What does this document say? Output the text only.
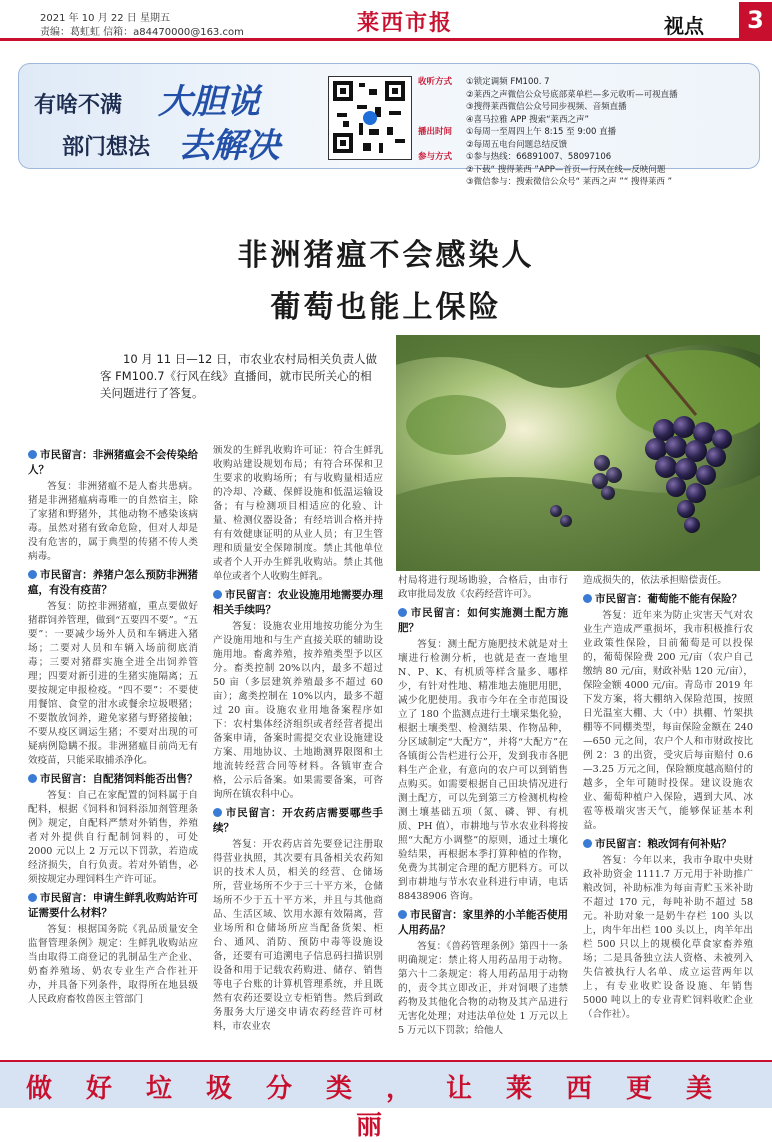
2021 年 10 月 22 日 星期五
责编：葛虹虹 信箱：a84470000@163.com	莱西市报	视点	3
有啥不满 大胆说
部门想法 去解决
收听方式 ①锁定调频 FM100. 7
②莱西之声微信公众号底部菜单栏—多元收听—可视直播
③搜得莱西微信公众号同步视频、音频直播
④喜马拉雅 APP 搜索“莱西之声”
播出时间 ①每周一至周四上午 8:15 至 9:00 直播
②每周五电台问题总结反馈
参与方式 ①参与热线：66891007、58097106
②下载“ 搜得莱西 ”APP—首页—行风在线—反映问题
③微信参与：搜索微信公众号“ 莱西之声 ”“ 搜得莱西 ”
非洲猪瘟不会感染人
葡萄也能上保险
10 月 11 日—12 日，市农业农村局相关负责人做客 FM100.7《行风在线》直播间，就市民所关心的相关问题进行了答复。
市民留言：非洲猪瘟会不会传染给人？

答复：非洲猪瘟不是人畜共患病。猪是非洲猪瘟病毒唯一的自然宿主，除了家猪和野猪外，其他动物不感染该病毒。虽然对猪有致命危险，但对人却是没有危害的，属于典型的传猪不传人类病毒。

市民留言：养猪户怎么预防非洲猪瘟，有没有疫苗？

答复：防控非洲猪瘟，重点要做好猪群饲养管理，做到“五要四不要”。“五要”：一要减少场外人员和车辆进入猪场；二要对人员和车辆入场前彻底消毒；三要对猪群实施全进全出饲养管理；四要对新引进的生猪实施隔离；五要按规定申报检疫。“四不要”：不要使用餐馆、食堂的泔水或餐余垃圾喂猪；不要散放饲养，避免家猪与野猪接触；不要从疫区调运生猪；不要对出现的可疑病例隐瞒不报。非洲猪瘟目前尚无有效疫苗，只能采取捕杀净化。

市民留言：自配猪饲料能否出售？

答复：自己在家配置的饲料属于自配料，根据《饲料和饲料添加剂管理条例》规定，自配料严禁对外销售，养殖者对外提供自行配制饲料的，可处 2000 元以上 2 万元以下罚款，若造成经济损失，自行负责。若对外销售，必须按规定办理饲料生产许可证。

市民留言：申请生鲜乳收购站许可证需要什么材料？

答复：根据国务院《乳品质量安全监督管理条例》规定：生鲜乳收购站应当由取得工商登记的乳制品生产企业、奶畜养殖场、奶农专业生产合作社开办，并具备下列条件，取得所在地县级人民政府畜牧兽医主管部门

颁发的生鲜乳收购许可证：符合生鲜乳收购站建设规划布局；有符合环保和卫生要求的收购场所；有与收购量相适应的冷却、冷藏、保鲜设施和低温运输设备；有与检测项目相适应的化验、计量、检测仪器设备；有经培训合格并持有有效健康证明的从业人员；有卫生管理和质量安全保障制度。禁止其他单位或者个人开办生鲜乳收购站。禁止其他单位或者个人收购生鲜乳。

市民留言：农业设施用地需要办理相关手续吗？

答复：设施农业用地按功能分为生产设施用地和与生产直接关联的辅助设施用地。畜禽养殖，按养殖类型予以区分。畜类控制 20%以内，最多不超过 50 亩（多层建筑养殖最多不超过 60 亩）；禽类控制在 10%以内，最多不超过 20 亩。设施农业用地备案程序如下：农村集体经济组织或者经营者提出备案申请，备案时需提交农业设施建设方案、用地协议、土地勘测界限图和土地流转经营合同等材料。各镇审查合格，公示后备案。如果需要备案，可咨询所在镇农科中心。

市民留言：开农药店需要哪些手续？

答复：开农药店首先要登记注册取得营业执照，其次要有具备相关农药知识的技术人员，相关的经营、仓储场所，营业场所不少于三十平方米，仓储场所不少于五十平方米，并且与其他商品、生活区域、饮用水源有效隔离，营业场所和仓储场所应当配备货架、柜台、通风、消防、预防中毒等设施设备，还要有可追溯电子信息码扫描识别设备和用于记载农药购进、储存、销售等电子台账的计算机管理系统，并且既然有农药还要设立专柜销售。然后到政务服务大厅递交申请农药经营许可材料，市农业农

村局将进行现场勘验，合格后，由市行政审批局发放《农药经营许可》。

市民留言：如何实施测土配方施肥？

答复：测土配方施肥技术就是对土壤进行检测分析，也就是查一查地里 N、P、K、有机质等样含量多、哪样少，有针对性地、精准地去施肥用肥，减少化肥使用。我市今年在全市范围设立了 180 个监测点进行土壤采集化验，根据土壤类型、检测结果、作物品种，分区域制定“大配方”，并将“大配方”在各镇街公告栏进行公开，发到我市各肥料生产企业，有意向的农户可以到销售点购买。如需要根据自己田块情况进行测土配方，可以先到第三方检测机构检测土壤基础五项（氮、磷、钾、有机质、PH 值），市耕地与节水农业科将按照“大配方小调整”的原则，通过土壤化验结果，再根据本季打算种植的作物，免费为其制定合理的配方肥料方。可以到市耕地与节水农业科进行申请，电话 88438906 咨询。

市民留言：家里养的小羊能否使用人用药品？

答复：《兽药管理条例》第四十一条明确规定：禁止将人用药品用于动物。第六十二条规定：将人用药品用于动物的，责令其立即改正，并对饲喂了违禁药物及其他化合物的动物及其产品进行无害化处理；对违法单位处 1 万元以上 5 万元以下罚款；给他人

造成损失的，依法承担赔偿责任。

市民留言：葡萄能不能有保险？

答复：近年来为防止灾害天气对农业生产造成严重损坏，我市积极推行农业政策性保险，目前葡萄是可以投保的，葡萄保险费 200 元/亩（农户自己缴纳 80 元/亩，财政补贴 120 元/亩），保险金额 4000 元/亩。青岛市 2019 年下发方案，将大棚纳入保险范围，按照日光温室大棚、大（中）拱棚、竹架拱棚等不同棚类型，每亩保险金额在 240—650 元之间，农户个人和市财政按比例 2：3 的出资，受灾后每亩赔付 0.6—3.25 万元之间，保险额度越高赔付的越多，全年可随时投保。建议设施农业、葡萄种植户入保险，遇到大风、冰雹等极端灾害天气，能够保证基本利益。

市民留言：粮改饲有何补贴？

答复：今年以来，我市争取中央财政补助资金 1111.7 万元用于补助推广粮改饲，补助标准为每亩青贮玉米补助不超过 170 元，每吨补助不超过 58 元。补助对象一是奶牛存栏 100 头以上，肉牛年出栏 100 头以上，肉羊年出栏 500 只以上的规模化草食家畜养殖场；二是具备独立法人资格、未被列入失信被执行人名单、成立运营两年以上，有专业收贮设备设施、年销售 5000 吨以上的专业青贮饲料收贮企业（合作社）。

做好垃圾分类，让莱西更美丽
